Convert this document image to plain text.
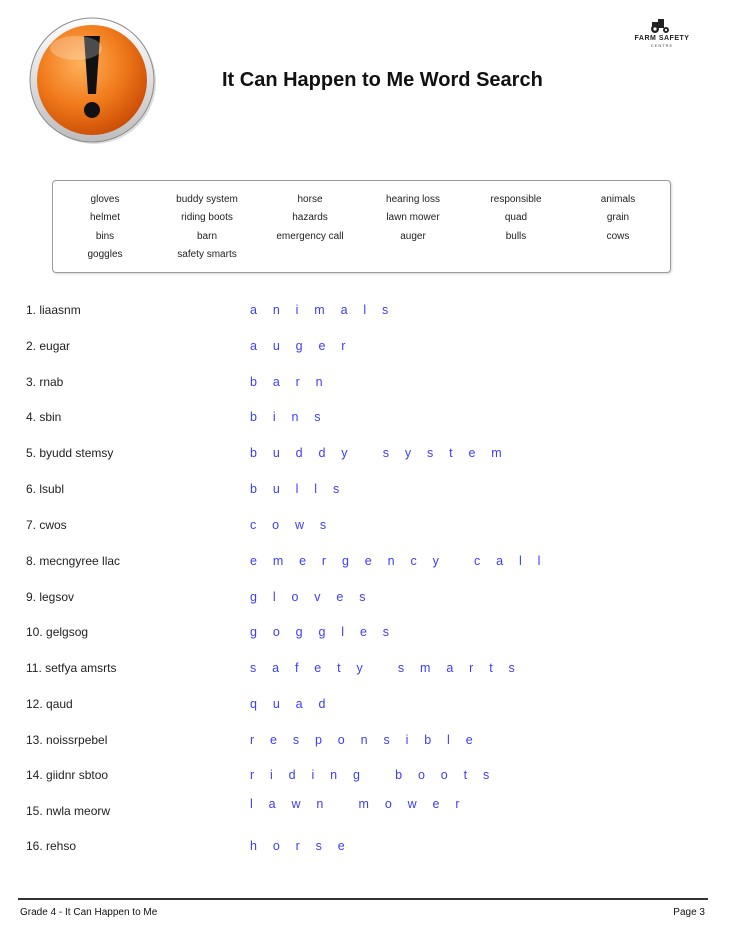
FARM SAFETY
CENTRE
It Can Happen to Me Word Search
gloves	buddy system	horse	hearing loss	responsible	animals
helmet	riding boots	hazards	lawn mower	quad	grain
bins	barn	emergency call	auger	bulls	cows
goggles	safety smarts
1. liaasnm	a n i m a l s
2. eugar	a u g e r
3. rnab	b a r n
4. sbin	b i n s
5. byudd stemsy	b u d d y   s y s t e m
6. lsubl	b u l l s
7. cwos	c o w s
8. mecngyree llac	e m e r g e n c y   c a l l
9. legsov	g l o v e s
10. gelgsog	g o g g l e s
11. setfya amsrts	s a f e t y   s m a r t s
12. qaud	q u a d
13. noissrpebel	r e s p o n s i b l e
14. giidnr sbtoo	r i d i n g   b o o t s
15. nwla meorw	l a w n   m o w e r
16. rehso	h o r s e
Grade 4 - It Can Happen to Me	Page 3
